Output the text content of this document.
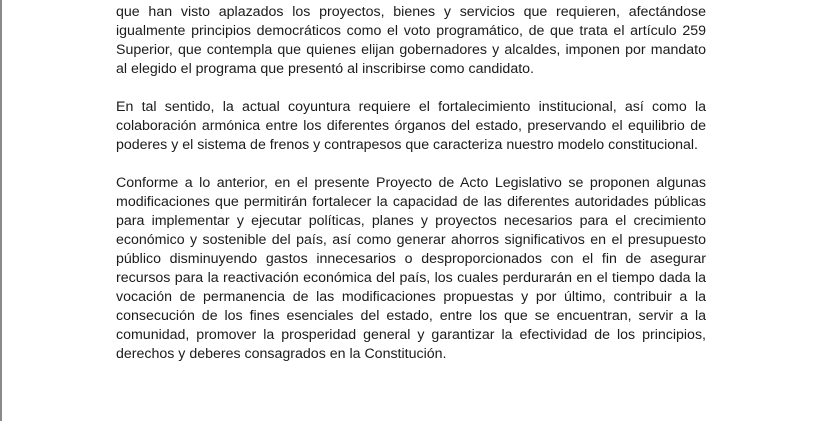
que han visto aplazados los proyectos, bienes y servicios que requieren, afectándose igualmente principios democráticos como el voto programático, de que trata el artículo 259 Superior, que contempla que quienes elijan gobernadores y alcaldes, imponen por mandato al elegido el programa que presentó al inscribirse como candidato.

En tal sentido, la actual coyuntura requiere el fortalecimiento institucional, así como la colaboración armónica entre los diferentes órganos del estado, preservando el equilibrio de poderes y el sistema de frenos y contrapesos que caracteriza nuestro modelo constitucional.

Conforme a lo anterior, en el presente Proyecto de Acto Legislativo se proponen algunas modificaciones que permitirán fortalecer la capacidad de las diferentes autoridades públicas para implementar y ejecutar políticas, planes y proyectos necesarios para el crecimiento económico y sostenible del país, así como generar ahorros significativos en el presupuesto público disminuyendo gastos innecesarios o desproporcionados con el fin de asegurar recursos para la reactivación económica del país, los cuales perdurarán en el tiempo dada la vocación de permanencia de las modificaciones propuestas y por último, contribuir a la consecución de los fines esenciales del estado, entre los que se encuentran, servir a la comunidad, promover la prosperidad general y garantizar la efectividad de los principios, derechos y deberes consagrados en la Constitución.
